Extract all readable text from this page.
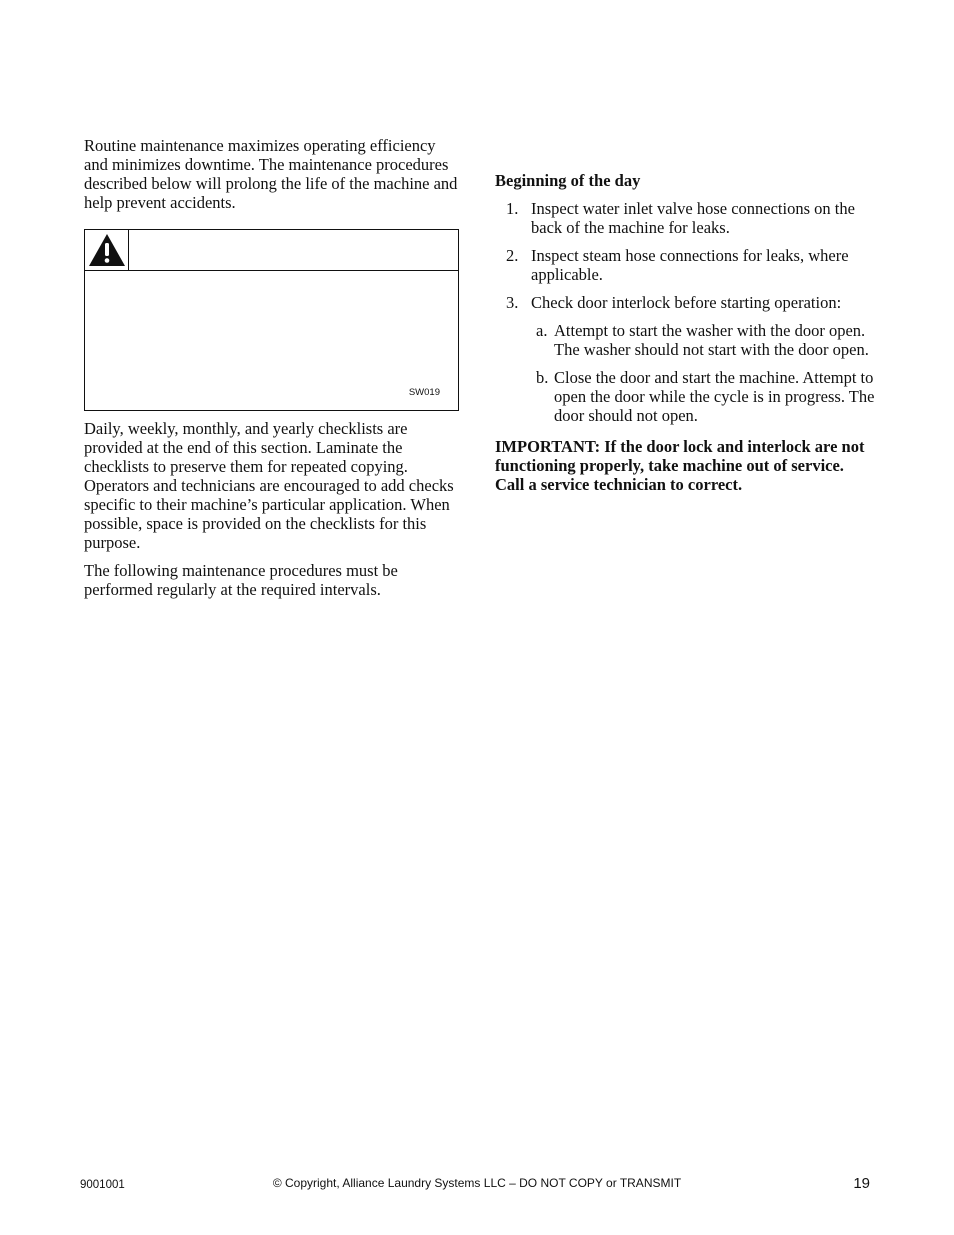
Routine maintenance maximizes operating efficiency and minimizes downtime. The maintenance procedures described below will prolong the life of the machine and help prevent accidents.

SW019

Daily, weekly, monthly, and yearly checklists are provided at the end of this section. Laminate the checklists to preserve them for repeated copying. Operators and technicians are encouraged to add checks specific to their machine’s particular application. When possible, space is provided on the checklists for this purpose.

The following maintenance procedures must be performed regularly at the required intervals.

Beginning of the day
1. Inspect water inlet valve hose connections on the back of the machine for leaks.
2. Inspect steam hose connections for leaks, where applicable.
3. Check door interlock before starting operation:
a. Attempt to start the washer with the door open. The washer should not start with the door open.
b. Close the door and start the machine. Attempt to open the door while the cycle is in progress. The door should not open.

IMPORTANT: If the door lock and interlock are not functioning properly, take machine out of service. Call a service technician to correct.

9001001	© Copyright, Alliance Laundry Systems LLC – DO NOT COPY or TRANSMIT	19
